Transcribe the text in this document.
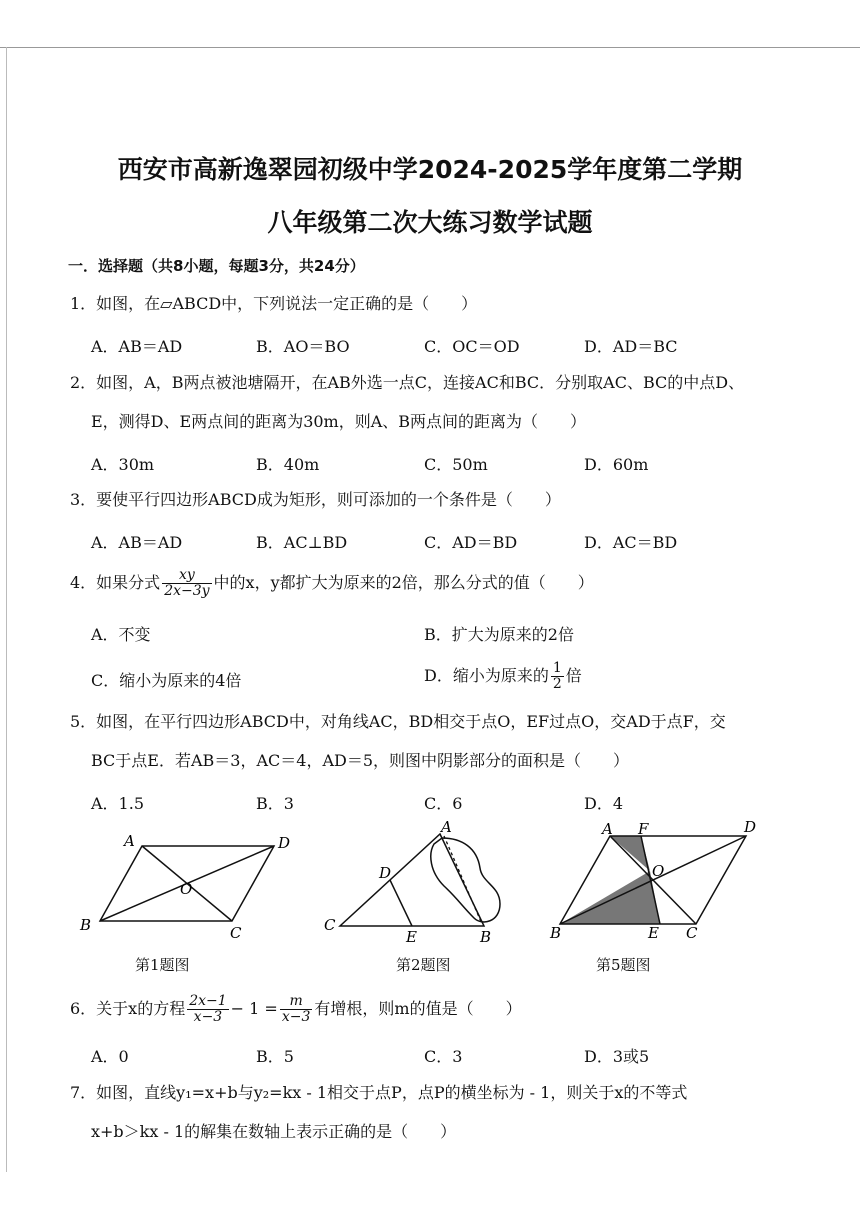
西安市高新逸翠园初级中学2024-2025学年度第二学期
八年级第二次大练习数学试题
一．选择题（共8小题，每题3分，共24分）
1．如图，在▱ABCD中，下列说法一定正确的是（　　）
A．AB＝AD	B．AO＝BO	C．OC＝OD	D．AD＝BC
2．如图，A，B两点被池塘隔开，在AB外选一点C，连接AC和BC．分别取AC、BC的中点D、
E，测得D、E两点间的距离为30m，则A、B两点间的距离为（　　）
A．30m	B．40m	C．50m	D．60m
3．要使平行四边形ABCD成为矩形，则可添加的一个条件是（　　）
A．AB＝AD	B．AC⊥BD	C．AD＝BD	D．AC＝BD
4．如果分式 $\frac{xy}{2x-3y}$ 中的x，y都扩大为原来的2倍，那么分式的值（　　）
A．不变	B．扩大为原来的2倍
C．缩小为原来的4倍	D．缩小为原来的 $\frac{1}{2}$ 倍
5．如图，在平行四边形ABCD中，对角线AC，BD相交于点O，EF过点O，交AD于点F，交
BC于点E．若AB＝3，AC＝4，AD＝5，则图中阴影部分的面积是（　　）
A．1.5	B．3	C．6	D．4
A	D
B	C
O
第1题图
A
D
C
E	B
第2题图
A F	D
O
B	E C
第5题图
6．关于x的方程 $\frac{2x-1}{x-3} - 1 = \frac{m}{x-3}$ 有增根，则m的值是（　　）
A．0	B．5	C．3	D．3或5
7．如图，直线y₁=x+b与y₂=kx - 1相交于点P，点P的横坐标为 - 1，则关于x的不等式
x+b＞kx - 1的解集在数轴上表示正确的是（　　）
